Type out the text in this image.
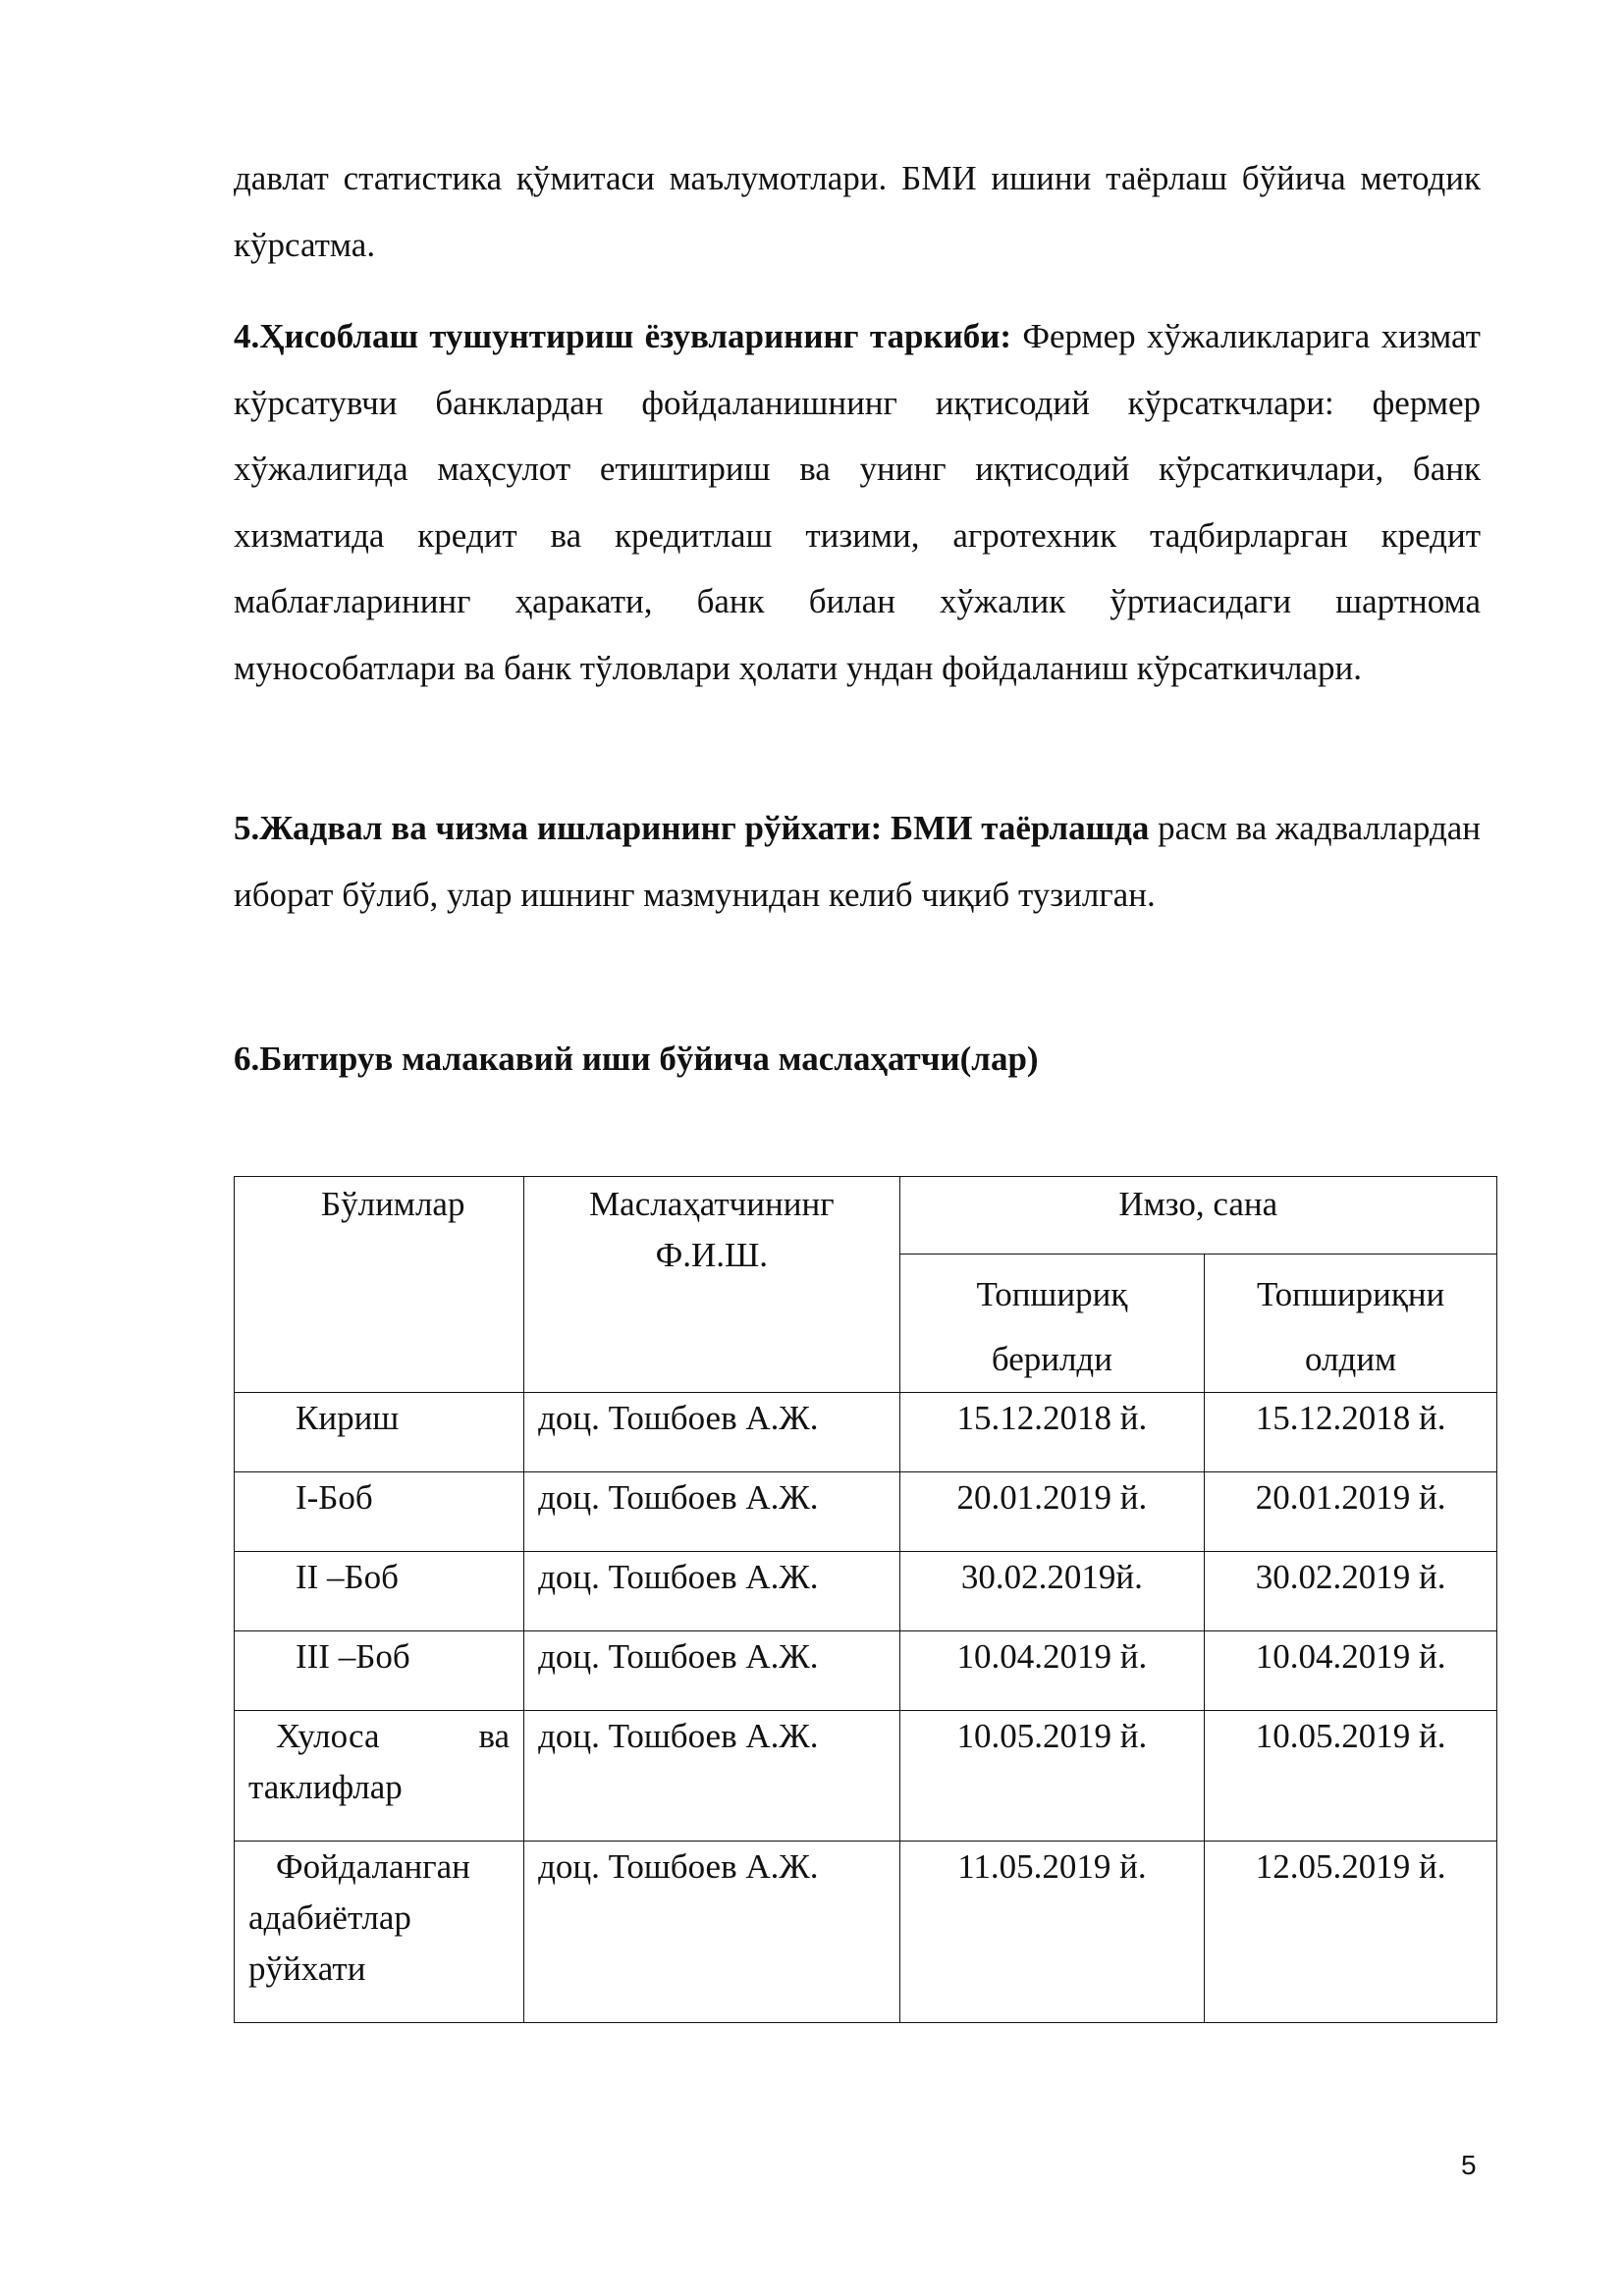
давлат статистика қўмитаси маълумотлари. БМИ ишини таёрлаш бўйича методик кўрсатма.

4.Ҳисоблаш тушунтириш ёзувларининг таркиби: Фермер хўжаликларига хизмат кўрсатувчи банклардан фойдаланишнинг иқтисодий кўрсаткчлари: фермер хўжалигида маҳсулот етиштириш ва унинг иқтисодий кўрсаткичлари, банк хизматида кредит ва кредитлаш тизими, агротехник тадбирларган кредит маблағларининг ҳаракати, банк билан хўжалик ўртиасидаги шартнома мунособатлари ва банк тўловлари ҳолати ундан фойдаланиш кўрсаткичлари.

5.Жадвал ва чизма ишларининг рўйхати: БМИ таёрлашда расм ва жадваллардан иборат бўлиб, улар ишнинг мазмунидан келиб чиқиб тузилган.

6.Битирув малакавий иши бўйича маслаҳатчи(лар)

Бўлимлар	Маслаҳатчининг Ф.И.Ш.	Имзо, сана	

		Топшириқ берилди	Топшириқни олдим

Кириш	доц. Тошбоев А.Ж.	15.12.2018 й.	15.12.2018 й.
I-Боб	доц. Тошбоев А.Ж.	20.01.2019 й.	20.01.2019 й.
II –Боб	доц. Тошбоев А.Ж.	30.02.2019й.	30.02.2019 й.
III –Боб	доц. Тошбоев А.Ж.	10.04.2019 й.	10.04.2019 й.

Хулоса ва
таклифлар	доц. Тошбоев А.Ж.	10.05.2019 й.	10.05.2019 й.

Фойдаланган
адабиётлар
рўйхати	доц. Тошбоев А.Ж.	11.05.2019 й.	12.05.2019 й.
5
